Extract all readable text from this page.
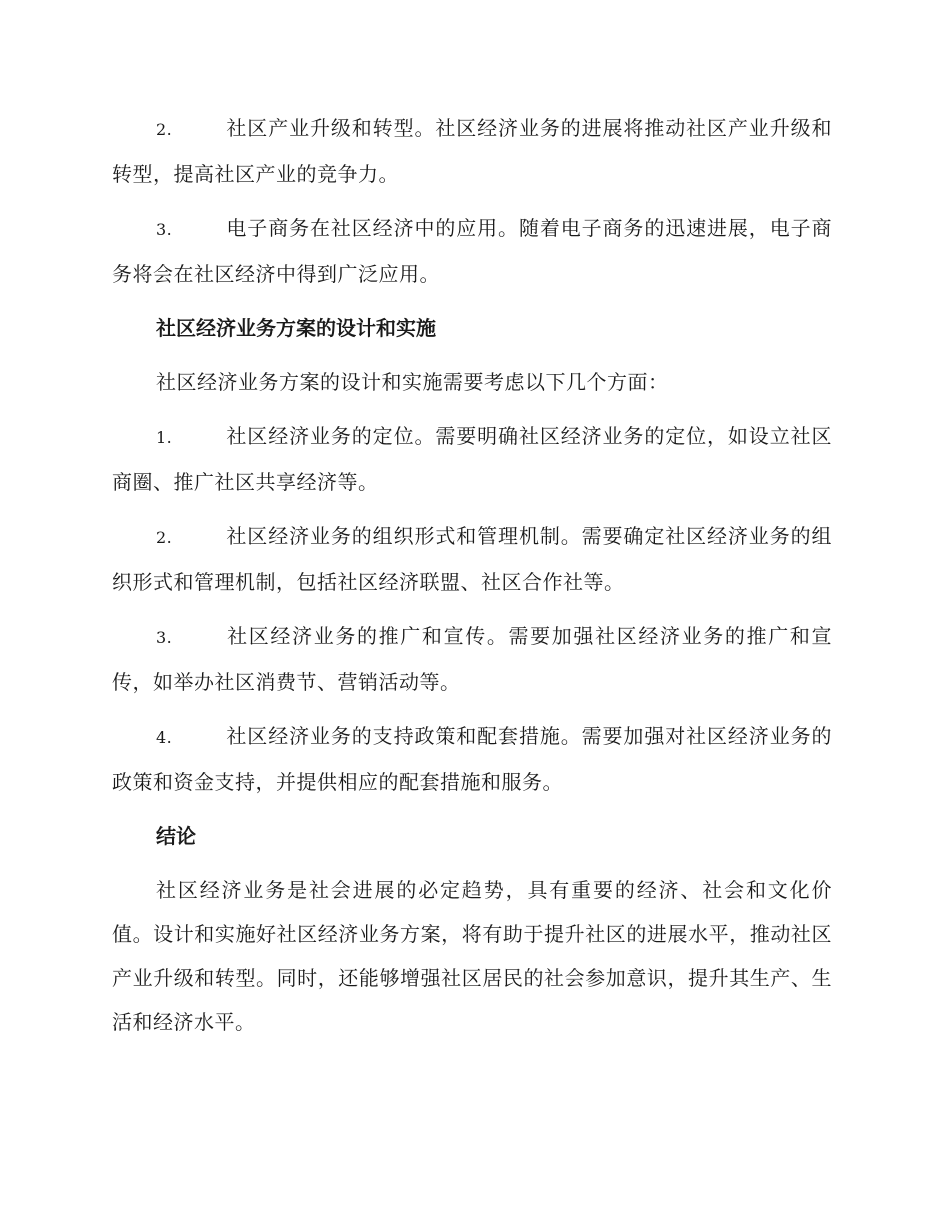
2.	社区产业升级和转型。社区经济业务的进展将推动社区产业升级和转型，提高社区产业的竞争力。

3.	电子商务在社区经济中的应用。随着电子商务的迅速进展，电子商务将会在社区经济中得到广泛应用。

社区经济业务方案的设计和实施

社区经济业务方案的设计和实施需要考虑以下几个方面：

1.	社区经济业务的定位。需要明确社区经济业务的定位，如设立社区商圈、推广社区共享经济等。

2.	社区经济业务的组织形式和管理机制。需要确定社区经济业务的组织形式和管理机制，包括社区经济联盟、社区合作社等。

3.	社区经济业务的推广和宣传。需要加强社区经济业务的推广和宣传，如举办社区消费节、营销活动等。

4.	社区经济业务的支持政策和配套措施。需要加强对社区经济业务的政策和资金支持，并提供相应的配套措施和服务。

结论

社区经济业务是社会进展的必定趋势，具有重要的经济、社会和文化价值。设计和实施好社区经济业务方案，将有助于提升社区的进展水平，推动社区产业升级和转型。同时，还能够增强社区居民的社会参加意识，提升其生产、生活和经济水平。
